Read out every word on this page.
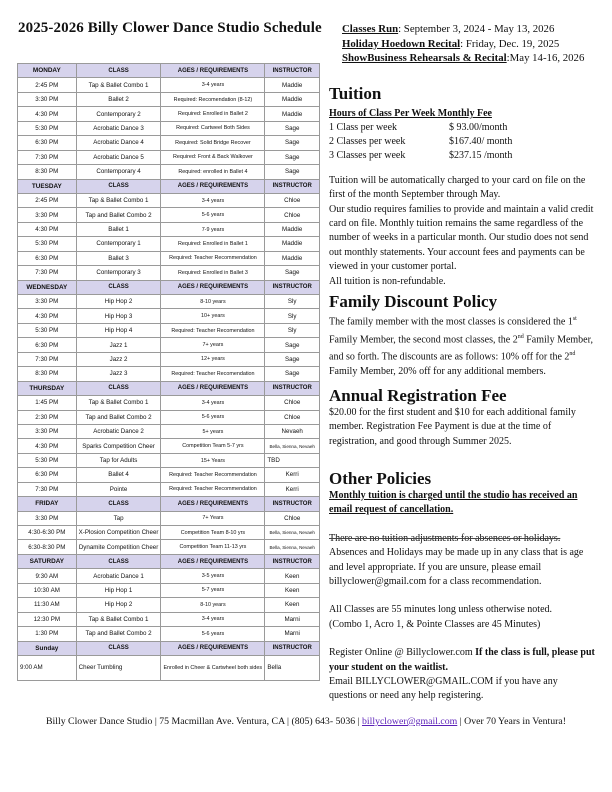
2025-2026 Billy Clower Dance Studio Schedule Classes Run: September 3, 2024 - May 13, 2026
Holiday Hoedown Recital: Friday, Dec. 19, 2025
ShowBusiness Rehearsals & Recital:May 14-16, 2026
MONDAY	CLASS	AGES / REQUIREMENTS	INSTRUCTOR
2:45 PM	Tap & Ballet Combo 1	3-4 years	Maddie
3:30 PM	Ballet 2	Required: Recomendation (8-12)	Maddie
4:30 PM	Contemporary 2	Required: Enrolled in Ballet 2	Maddie
5:30 PM	Acrobatic Dance 3	Required: Cartweel Both Sides	Sage
6:30 PM	Acrobatic Dance 4	Required: Solid Bridge Recover	Sage
7:30 PM	Acrobatic Dance 5	Required: Front & Back Walkover	Sage
8:30 PM	Contemporary 4	Required: enrolled in Ballet 4	Sage
TUESDAY	CLASS	AGES / REQUIREMENTS	INSTRUCTOR
2:45 PM	Tap & Ballet Combo 1	3-4 years	Chloe
3:30 PM	Tap and Ballet Combo 2	5-6 years	Chloe
4:30 PM	Ballet 1	7-9 years	Maddie
5:30 PM	Contemporary 1	Required: Enrolled in Ballet 1	Maddie
6:30 PM	Ballet 3	Required: Teacher Recommendation	Maddie
7:30 PM	Contemporary 3	Required: Enrolled in Ballet 3	Sage
WEDNESDAY	CLASS	AGES / REQUIREMENTS	INSTRUCTOR
3:30 PM	Hip Hop 2	8-10 years	Sly
4:30 PM	Hip Hop 3	10+ years	Sly
5:30 PM	Hip Hop 4	Required: Teacher Recomendation	Sly
6:30 PM	Jazz 1	7+ years	Sage
7:30 PM	Jazz 2	12+ years	Sage
8:30 PM	Jazz 3	Required: Teacher Recomendation	Sage
THURSDAY	CLASS	AGES / REQUIREMENTS	INSTRUCTOR
1:45 PM	Tap & Ballet Combo 1	3-4 years	Chloe
2:30 PM	Tap and Ballet Combo 2	5-6 years	Chloe
3:30 PM	Acrobatic Dance 2	5+ years	Nevaeh
4:30 PM	Sparks Competition Cheer	Competition Team 5-7 yrs	Bella, Sienna, Nevaeh
5:30 PM	Tap for Adults	15+ Years	TBD
6:30 PM	Ballet 4	Required: Teacher Recommendation	Kerri
7:30 PM	Pointe	Required: Teacher Recommendation	Kerri
FRIDAY	CLASS	AGES / REQUIREMENTS	INSTRUCTOR
3:30 PM	Tap	7+ Years	Chloe
4:30-6:30 PM	X-Plosion Competition Cheer	Competition Team 8-10 yrs	Bella, Sienna, Nevaeh
6:30-8:30 PM	Dynamite Competition Cheer	Competition Team 11-13 yrs	Bella, Sienna, Nevaeh
SATURDAY	CLASS	AGES / REQUIREMENTS	INSTRUCTOR
9:30 AM	Acrobatic Dance 1	3-5 years	Keen
10:30 AM	Hip Hop 1	5-7 years	Keen
11:30 AM	Hip Hop 2	8-10 years	Keen
12:30 PM	Tap & Ballet Combo 1	3-4 years	Marni
1:30 PM	Tap and Ballet Combo 2	5-6 years	Marni
Sunday	CLASS	AGES / REQUIREMENTS	INSTRUCTOR
9:00 AM	Cheer Tumbling	Enrolled in Cheer & Cartwheel both sides	Bella
Tuition
Hours of Class Per Week Monthly Fee
1 Class per week	$ 93.00/month
2 Classes per week	$167.40/ month
3 Classes per week	$237.15 /month
Tuition will be automatically charged to your card on file on the first of the month September through May.
Our studio requires families to provide and maintain a valid credit card on file. Monthly tuition remains the same regardless of the number of weeks in a particular month. Our studio does not send out monthly statements. Your account fees and payments can be viewed in your customer portal.
All tuition is non-refundable.
Family Discount Policy
The family member with the most classes is considered the 1st Family Member, the second most classes, the 2nd Family Member, and so forth. The discounts are as follows: 10% off for the 2nd Family Member, 20% off for any additional members.
Annual Registration Fee
$20.00 for the first student and $10 for each additional family member. Registration Fee Payment is due at the time of registration, and good through Summer 2025.
Other Policies
Monthly tuition is charged until the studio has received an email request of cancellation.
There are no tuition adjustments for absences or holidays.
Absences and Holidays may be made up in any class that is age and level appropriate. If you are unsure, please email billyclower@gmail.com for a class recommendation.
All Classes are 55 minutes long unless otherwise noted.
(Combo 1, Acro 1, & Pointe Classes are 45 Minutes)
Register Online @ Billyclower.com If the class is full, please put your student on the waitlist.
Email BILLYCLOWER@GMAIL.COM if you have any questions or need any help registering.
Billy Clower Dance Studio | 75 Macmillan Ave. Ventura, CA | (805) 643- 5036 | billyclower@gmail.com | Over 70 Years in Ventura!
